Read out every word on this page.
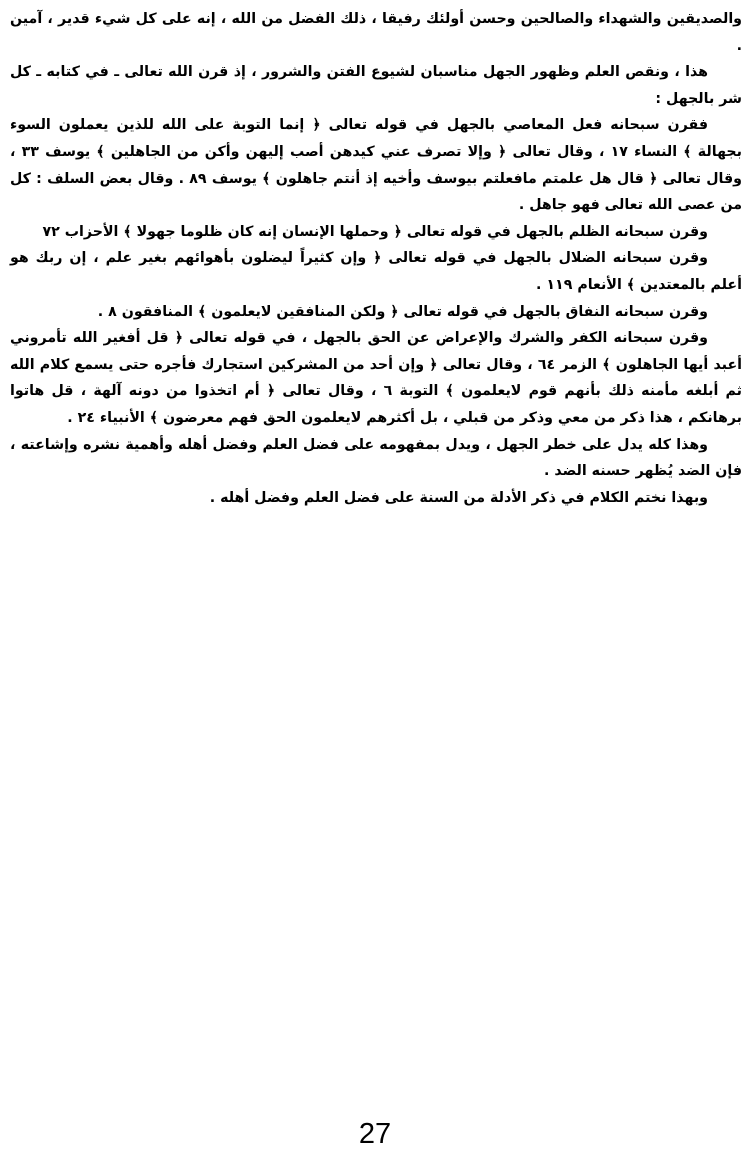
والصديقين والشهداء والصالحين وحسن أولئك رفيقا ، ذلك الفضل من الله ، إنه على كل شيء قدير ، آمين .

هذا ، ونقص العلم وظهور الجهل مناسبان لشيوع الفتن والشرور ، إذ قرن الله تعالى ـ في كتابه ـ كل شر بالجهل :

فقرن سبحانه فعل المعاصي بالجهل في قوله تعالى ﴿ إنما التوبة على الله للذين يعملون السوء بجهالة ﴾ النساء ١٧ ، وقال تعالى ﴿ وإلا تصرف عني كيدهن أصب إليهن وأكن من الجاهلين ﴾ يوسف ٣٣ ، وقال تعالى ﴿ قال هل علمتم مافعلتم بيوسف وأخيه إذ أنتم جاهلون ﴾ يوسف ٨٩ . وقال بعض السلف : كل من عصى الله تعالى فهو جاهل .

وقرن سبحانه الظلم بالجهل في قوله تعالى ﴿ وحملها الإنسان إنه كان ظلوما جهولا ﴾ الأحزاب ٧٢

وقرن سبحانه الضلال بالجهل في قوله تعالى ﴿ وإن كثيراً ليضلون بأهوائهم بغير علم ، إن ربك هو أعلم بالمعتدين ﴾ الأنعام ١١٩ .

وقرن سبحانه النفاق بالجهل في قوله تعالى ﴿ ولكن المنافقين لايعلمون ﴾ المنافقون ٨ .

وقرن سبحانه الكفر والشرك والإعراض عن الحق بالجهل ، في قوله تعالى ﴿ قل أفغير الله تأمروني أعبد أيها الجاهلون ﴾ الزمر ٦٤ ، وقال تعالى ﴿ وإن أحد من المشركين استجارك فأجره حتى يسمع كلام الله ثم أبلغه مأمنه ذلك بأنهم قوم لايعلمون ﴾ التوبة ٦ ، وقال تعالى ﴿ أم اتخذوا من دونه آلهة ، قل هاتوا برهانكم ، هذا ذكر من معي وذكر من قبلي ، بل أكثرهم لايعلمون الحق فهم معرضون ﴾ الأنبياء ٢٤ .

وهذا كله يدل على خطر الجهل ، ويدل بمفهومه على فضل العلم وفضل أهله وأهمية نشره وإشاعته ، فإن الضد يُظهر حسنه الضد .

وبهذا نختم الكلام في ذكر الأدلة من السنة على فضل العلم وفضل أهله .

27
